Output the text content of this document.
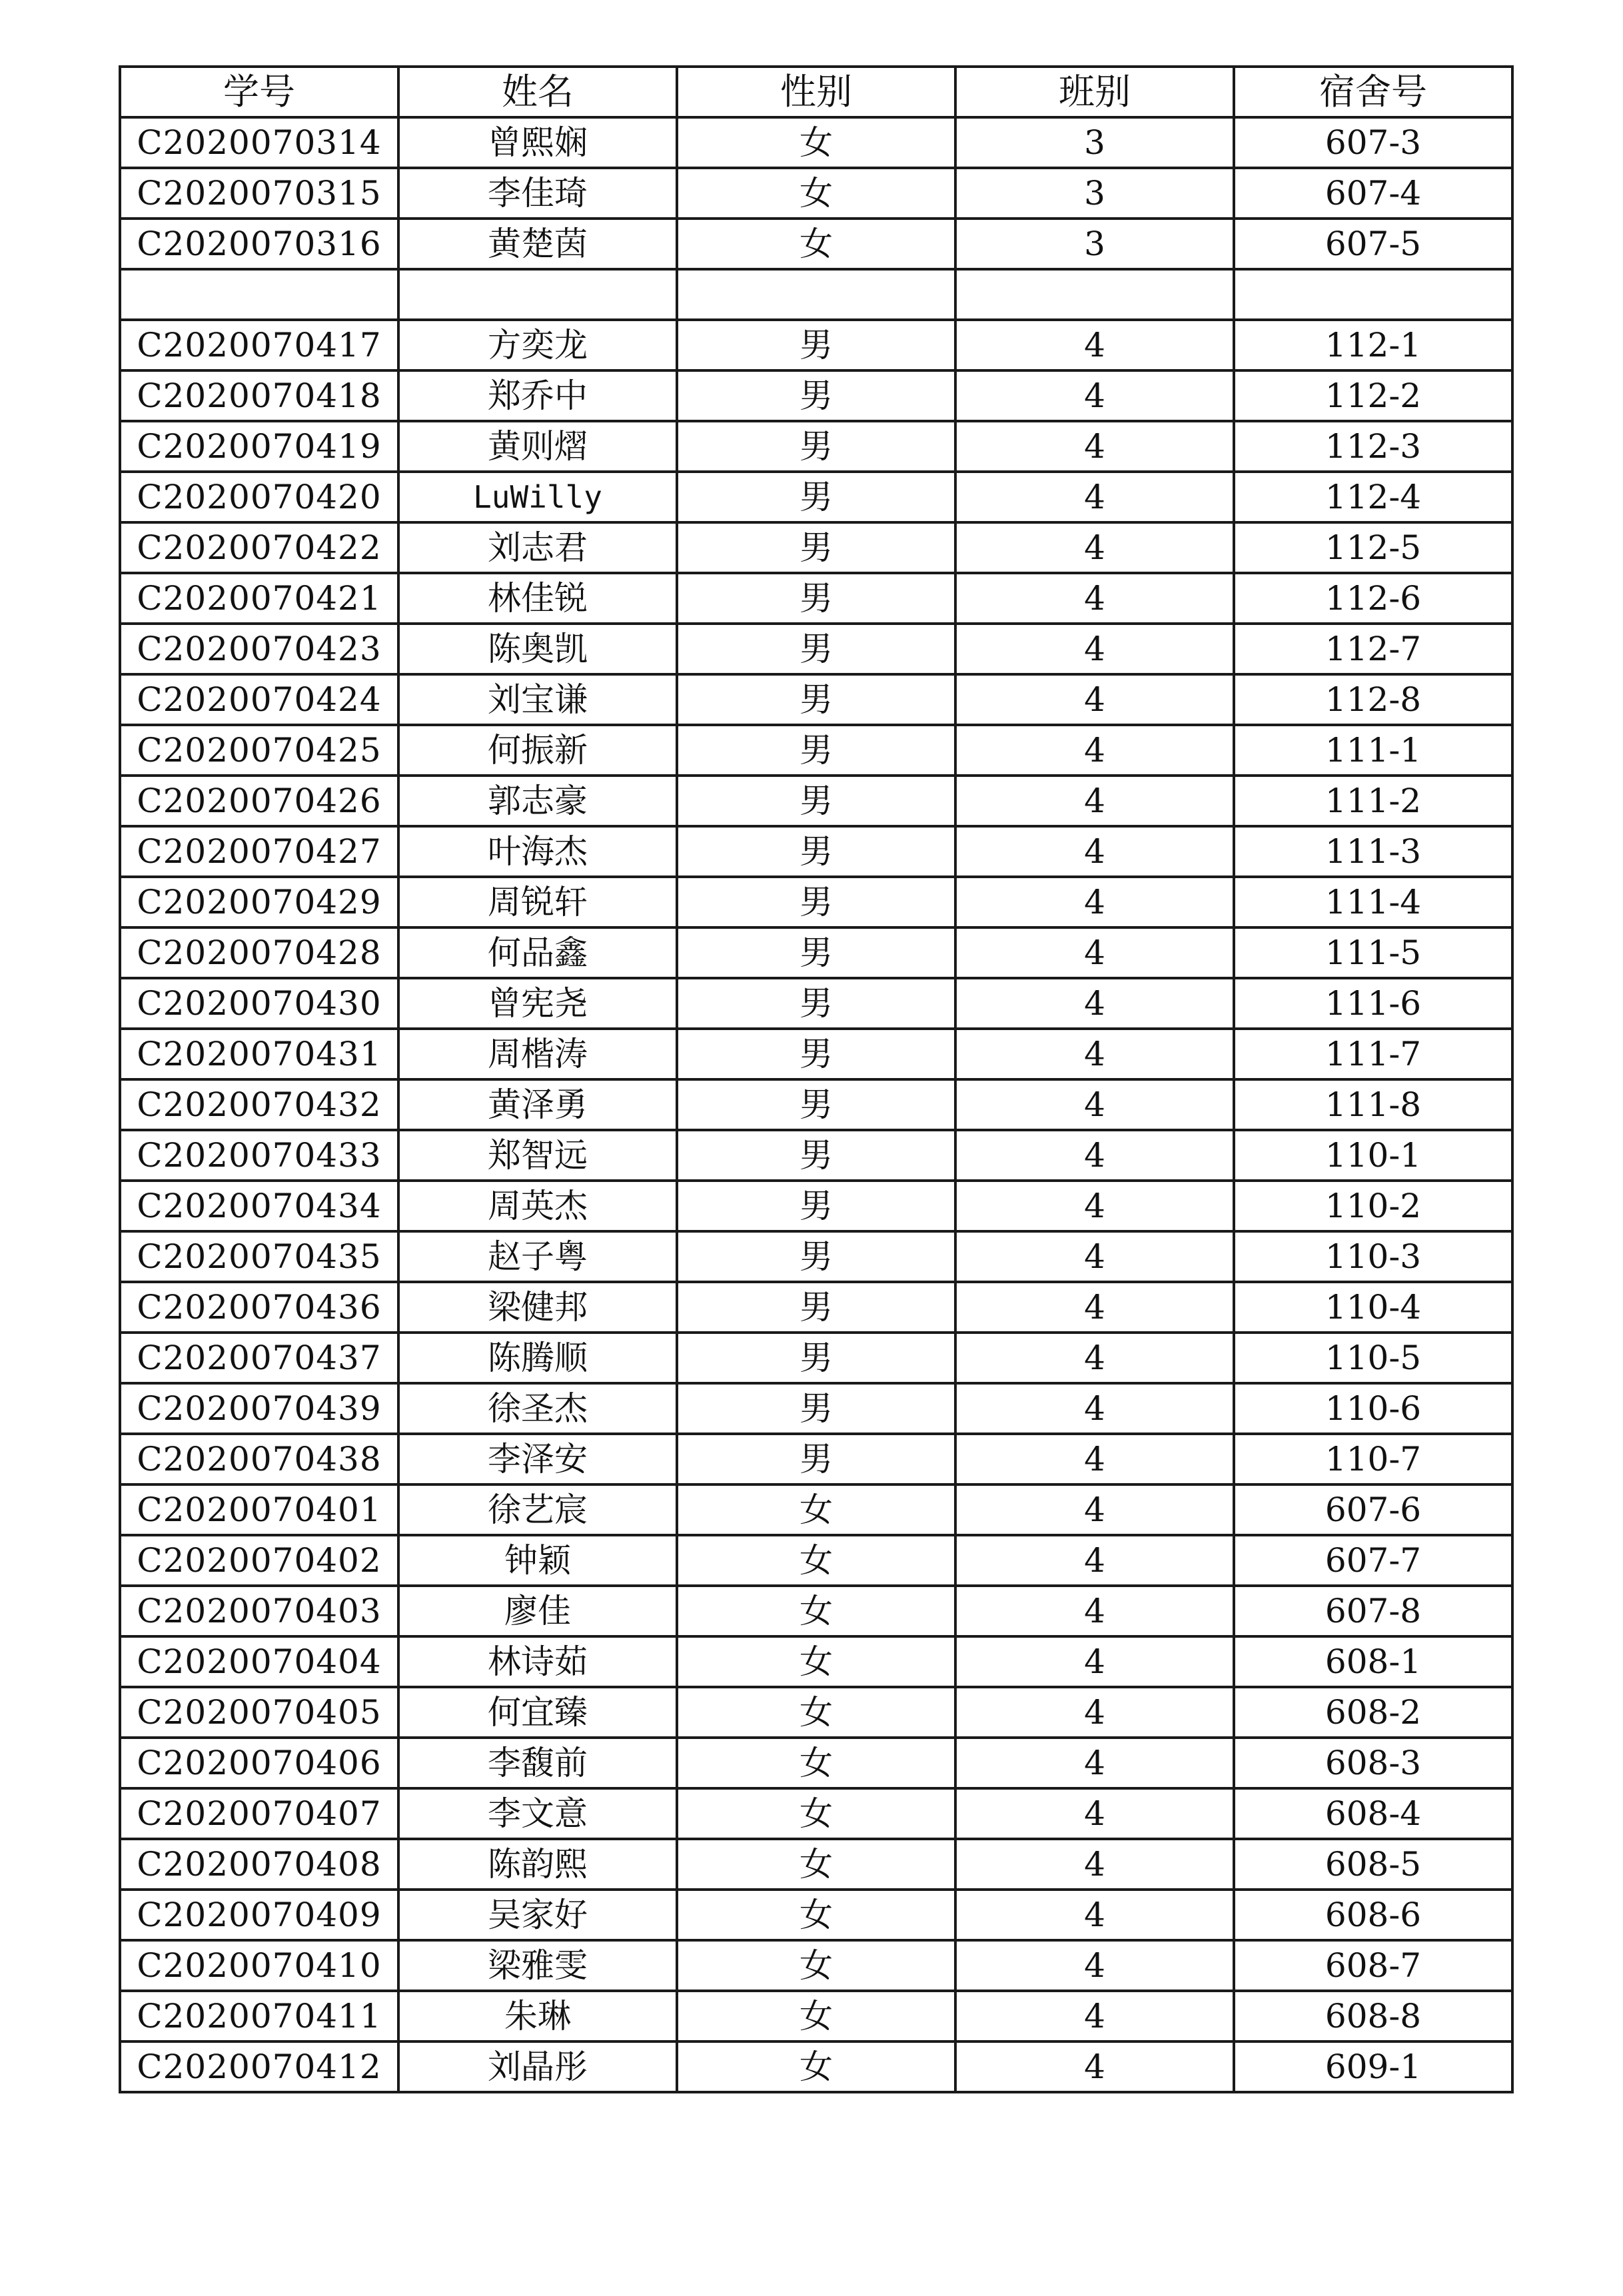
学号	姓名	性别	班别	宿舍号
C2020070314	曾熙娴	女	3	607-3
C2020070315	李佳琦	女	3	607-4
C2020070316	黄楚茵	女	3	607-5

C2020070417	方奕龙	男	4	112-1
C2020070418	郑乔中	男	4	112-2
C2020070419	黄则熠	男	4	112-3
C2020070420	LuWilly	男	4	112-4
C2020070422	刘志君	男	4	112-5
C2020070421	林佳锐	男	4	112-6
C2020070423	陈奥凯	男	4	112-7
C2020070424	刘宝谦	男	4	112-8
C2020070425	何振新	男	4	111-1
C2020070426	郭志豪	男	4	111-2
C2020070427	叶海杰	男	4	111-3
C2020070429	周锐轩	男	4	111-4
C2020070428	何品鑫	男	4	111-5
C2020070430	曾宪尧	男	4	111-6
C2020070431	周楷涛	男	4	111-7
C2020070432	黄泽勇	男	4	111-8
C2020070433	郑智远	男	4	110-1
C2020070434	周英杰	男	4	110-2
C2020070435	赵子粤	男	4	110-3
C2020070436	梁健邦	男	4	110-4
C2020070437	陈腾顺	男	4	110-5
C2020070439	徐圣杰	男	4	110-6
C2020070438	李泽安	男	4	110-7
C2020070401	徐艺宸	女	4	607-6
C2020070402	钟颖	女	4	607-7
C2020070403	廖佳	女	4	607-8
C2020070404	林诗茹	女	4	608-1
C2020070405	何宜臻	女	4	608-2
C2020070406	李馥前	女	4	608-3
C2020070407	李文意	女	4	608-4
C2020070408	陈韵熙	女	4	608-5
C2020070409	吴家好	女	4	608-6
C2020070410	梁雅雯	女	4	608-7
C2020070411	朱琳	女	4	608-8
C2020070412	刘晶彤	女	4	609-1
